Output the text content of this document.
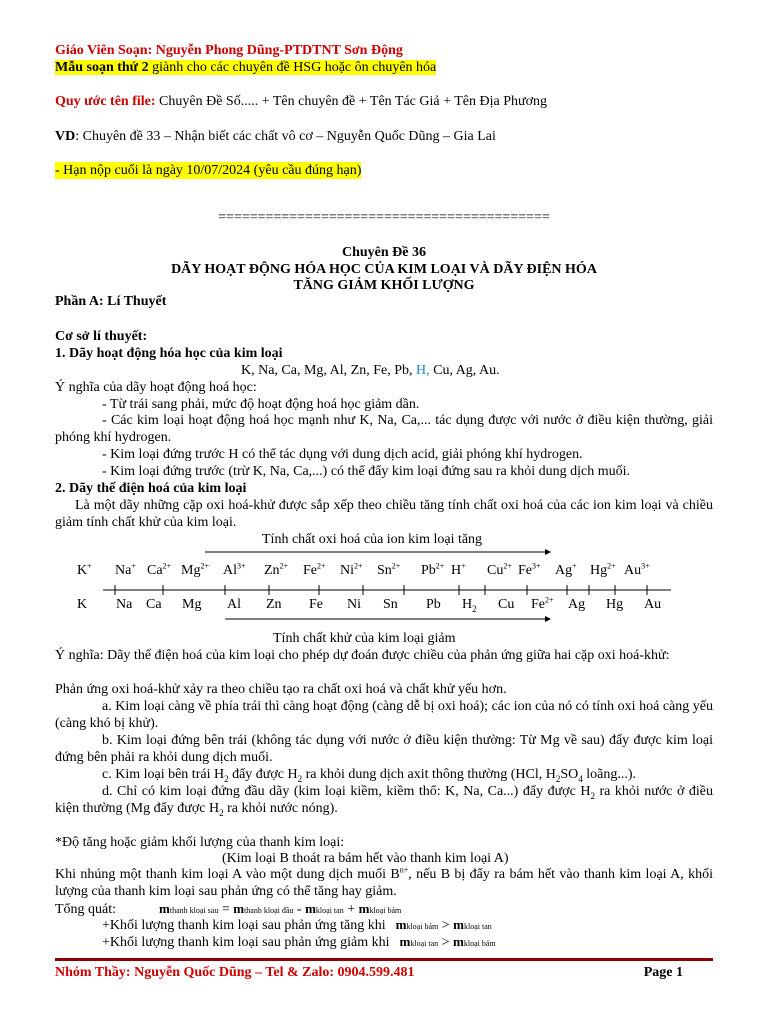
Giáo Viên Soạn: Nguyễn Phong Dũng-PTDTNT Sơn Động
Mẫu soạn thứ 2 giành cho các chuyên đề HSG hoặc ôn chuyên hóa
Quy ước tên file: Chuyên Đề Số..... + Tên chuyên đề + Tên Tác Giả + Tên Địa Phương
VD: Chuyên đề 33 – Nhận biết các chất vô cơ – Nguyễn Quốc Dũng – Gia Lai
- Hạn nộp cuối là ngày 10/07/2024 (yêu cầu đúng hạn)
==========================================
Chuyên Đề 36
DÃY HOẠT ĐỘNG HÓA HỌC CỦA KIM LOẠI VÀ DÃY ĐIỆN HÓA
TĂNG GIẢM KHỐI LƯỢNG
Phần A: Lí Thuyết
Cơ sở lí thuyết:
1. Dãy hoạt động hóa học của kim loại
K, Na, Ca, Mg, Al, Zn, Fe, Pb, H, Cu, Ag, Au.
Ý nghĩa của dãy hoạt động hoá học:
- Từ trái sang phải, mức độ hoạt động hoá học giảm dần.
- Các kim loại hoạt động hoá học mạnh như K, Na, Ca,... tác dụng được với nước ở điều kiện thường, giải phóng khí hydrogen.
- Kim loại đứng trước H có thể tác dụng với dung dịch acid, giải phóng khí hydrogen.
- Kim loại đứng trước (trừ K, Na, Ca,...) có thể đẩy kim loại đứng sau ra khỏi dung dịch muối.
2. Dãy thế điện hoá của kim loại
Là một dãy những cặp oxi hoá-khử được sắp xếp theo chiều tăng tính chất oxi hoá của các ion kim loại và chiều giảm tính chất khử của kim loại.
Tính chất oxi hoá của ion kim loại tăng
K+ Na+ $Ca^{2+}$ $Mg^{2+}$ $Al^{3+}$ $Zn^{2+}$ $Fe^{2+}$ $Ni^{2+}$ $Sn^{2+}$ $Pb^{2+}$ H+ $Cu^{2+}$ $Fe^{3+}$ Ag+ $Hg^{2+}$ $Au^{3+}$
K Na Ca Mg Al Zn Fe Ni Sn Pb $H_2$ Cu $Fe^{2+}$ Ag Hg Au
Tính chất khử của kim loại giảm
Ý nghĩa: Dãy thế điện hoá của kim loại cho phép dự đoán được chiều của phản ứng giữa hai cặp oxi hoá-khử:
Phản ứng oxi hoá-khử xảy ra theo chiều tạo ra chất oxi hoá và chất khử yếu hơn.
a. Kim loại càng về phía trái thì càng hoạt động (càng dễ bị oxi hoá); các ion của nó có tính oxi hoá càng yếu (càng khó bị khử).
b. Kim loại đứng bên trái (không tác dụng với nước ở điều kiện thường: Từ Mg về sau) đẩy được kim loại đứng bên phải ra khỏi dung dịch muối.
c. Kim loại bên trái $H_2$ đẩy được $H_2$ ra khỏi dung dịch axit thông thường (HCl, $H_2SO_4$ loãng...).
d. Chỉ có kim loại đứng đầu dãy (kim loại kiềm, kiềm thổ: K, Na, Ca...) đẩy được $H_2$ ra khỏi nước ở điều kiện thường (Mg đẩy được $H_2$ ra khỏi nước nóng).
*Độ tăng hoặc giảm khối lượng của thanh kim loại:
(Kim loại B thoát ra bám hết vào thanh kim loại A)
Khi nhúng một thanh kim loại A vào một dung dịch muối $B^{n+}$, nếu B bị đẩy ra bám hết vào thanh kim loại A, khối lượng của thanh kim loại sau phản ứng có thể tăng hay giảm.
Tổng quát:	mthanh kloại sau = mthanh kloại đầu - mkloại tan + mkloại bám
+Khối lượng thanh kim loại sau phản ứng tăng khi mkloại bám > mkloại tan
+Khối lượng thanh kim loại sau phản ứng giảm khi mkloại tan > mkloại bám
Nhóm Thầy: Nguyễn Quốc Dũng – Tel & Zalo: 0904.599.481	Page 1
